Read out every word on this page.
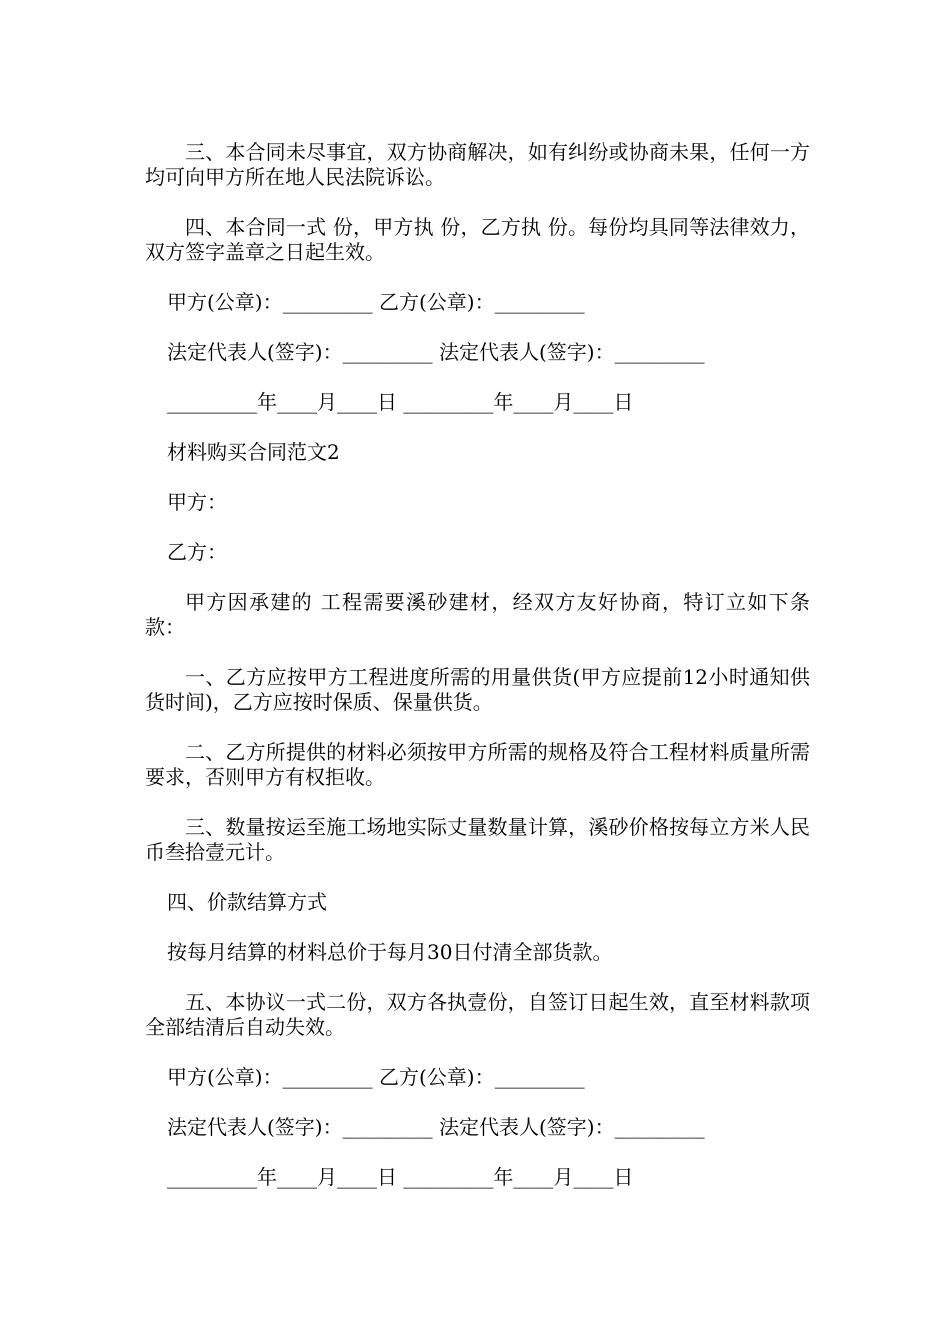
三、本合同未尽事宜，双方协商解决，如有纠纷或协商未果，任何一方均可向甲方所在地人民法院诉讼。

四、本合同一式 份，甲方执 份，乙方执 份。每份均具同等法律效力，双方签字盖章之日起生效。

甲方(公章)：_________ 乙方(公章)：_________

法定代表人(签字)：_________ 法定代表人(签字)：_________

_________年____月____日 _________年____月____日

材料购买合同范文2

甲方：

乙方：

甲方因承建的 工程需要溪砂建材，经双方友好协商，特订立如下条款：

一、乙方应按甲方工程进度所需的用量供货(甲方应提前12小时通知供货时间)，乙方应按时保质、保量供货。

二、乙方所提供的材料必须按甲方所需的规格及符合工程材料质量所需要求，否则甲方有权拒收。

三、数量按运至施工场地实际丈量数量计算，溪砂价格按每立方米人民币叁拾壹元计。

四、价款结算方式

按每月结算的材料总价于每月30日付清全部货款。

五、本协议一式二份，双方各执壹份，自签订日起生效，直至材料款项全部结清后自动失效。

甲方(公章)：_________ 乙方(公章)：_________

法定代表人(签字)：_________ 法定代表人(签字)：_________

_________年____月____日 _________年____月____日
